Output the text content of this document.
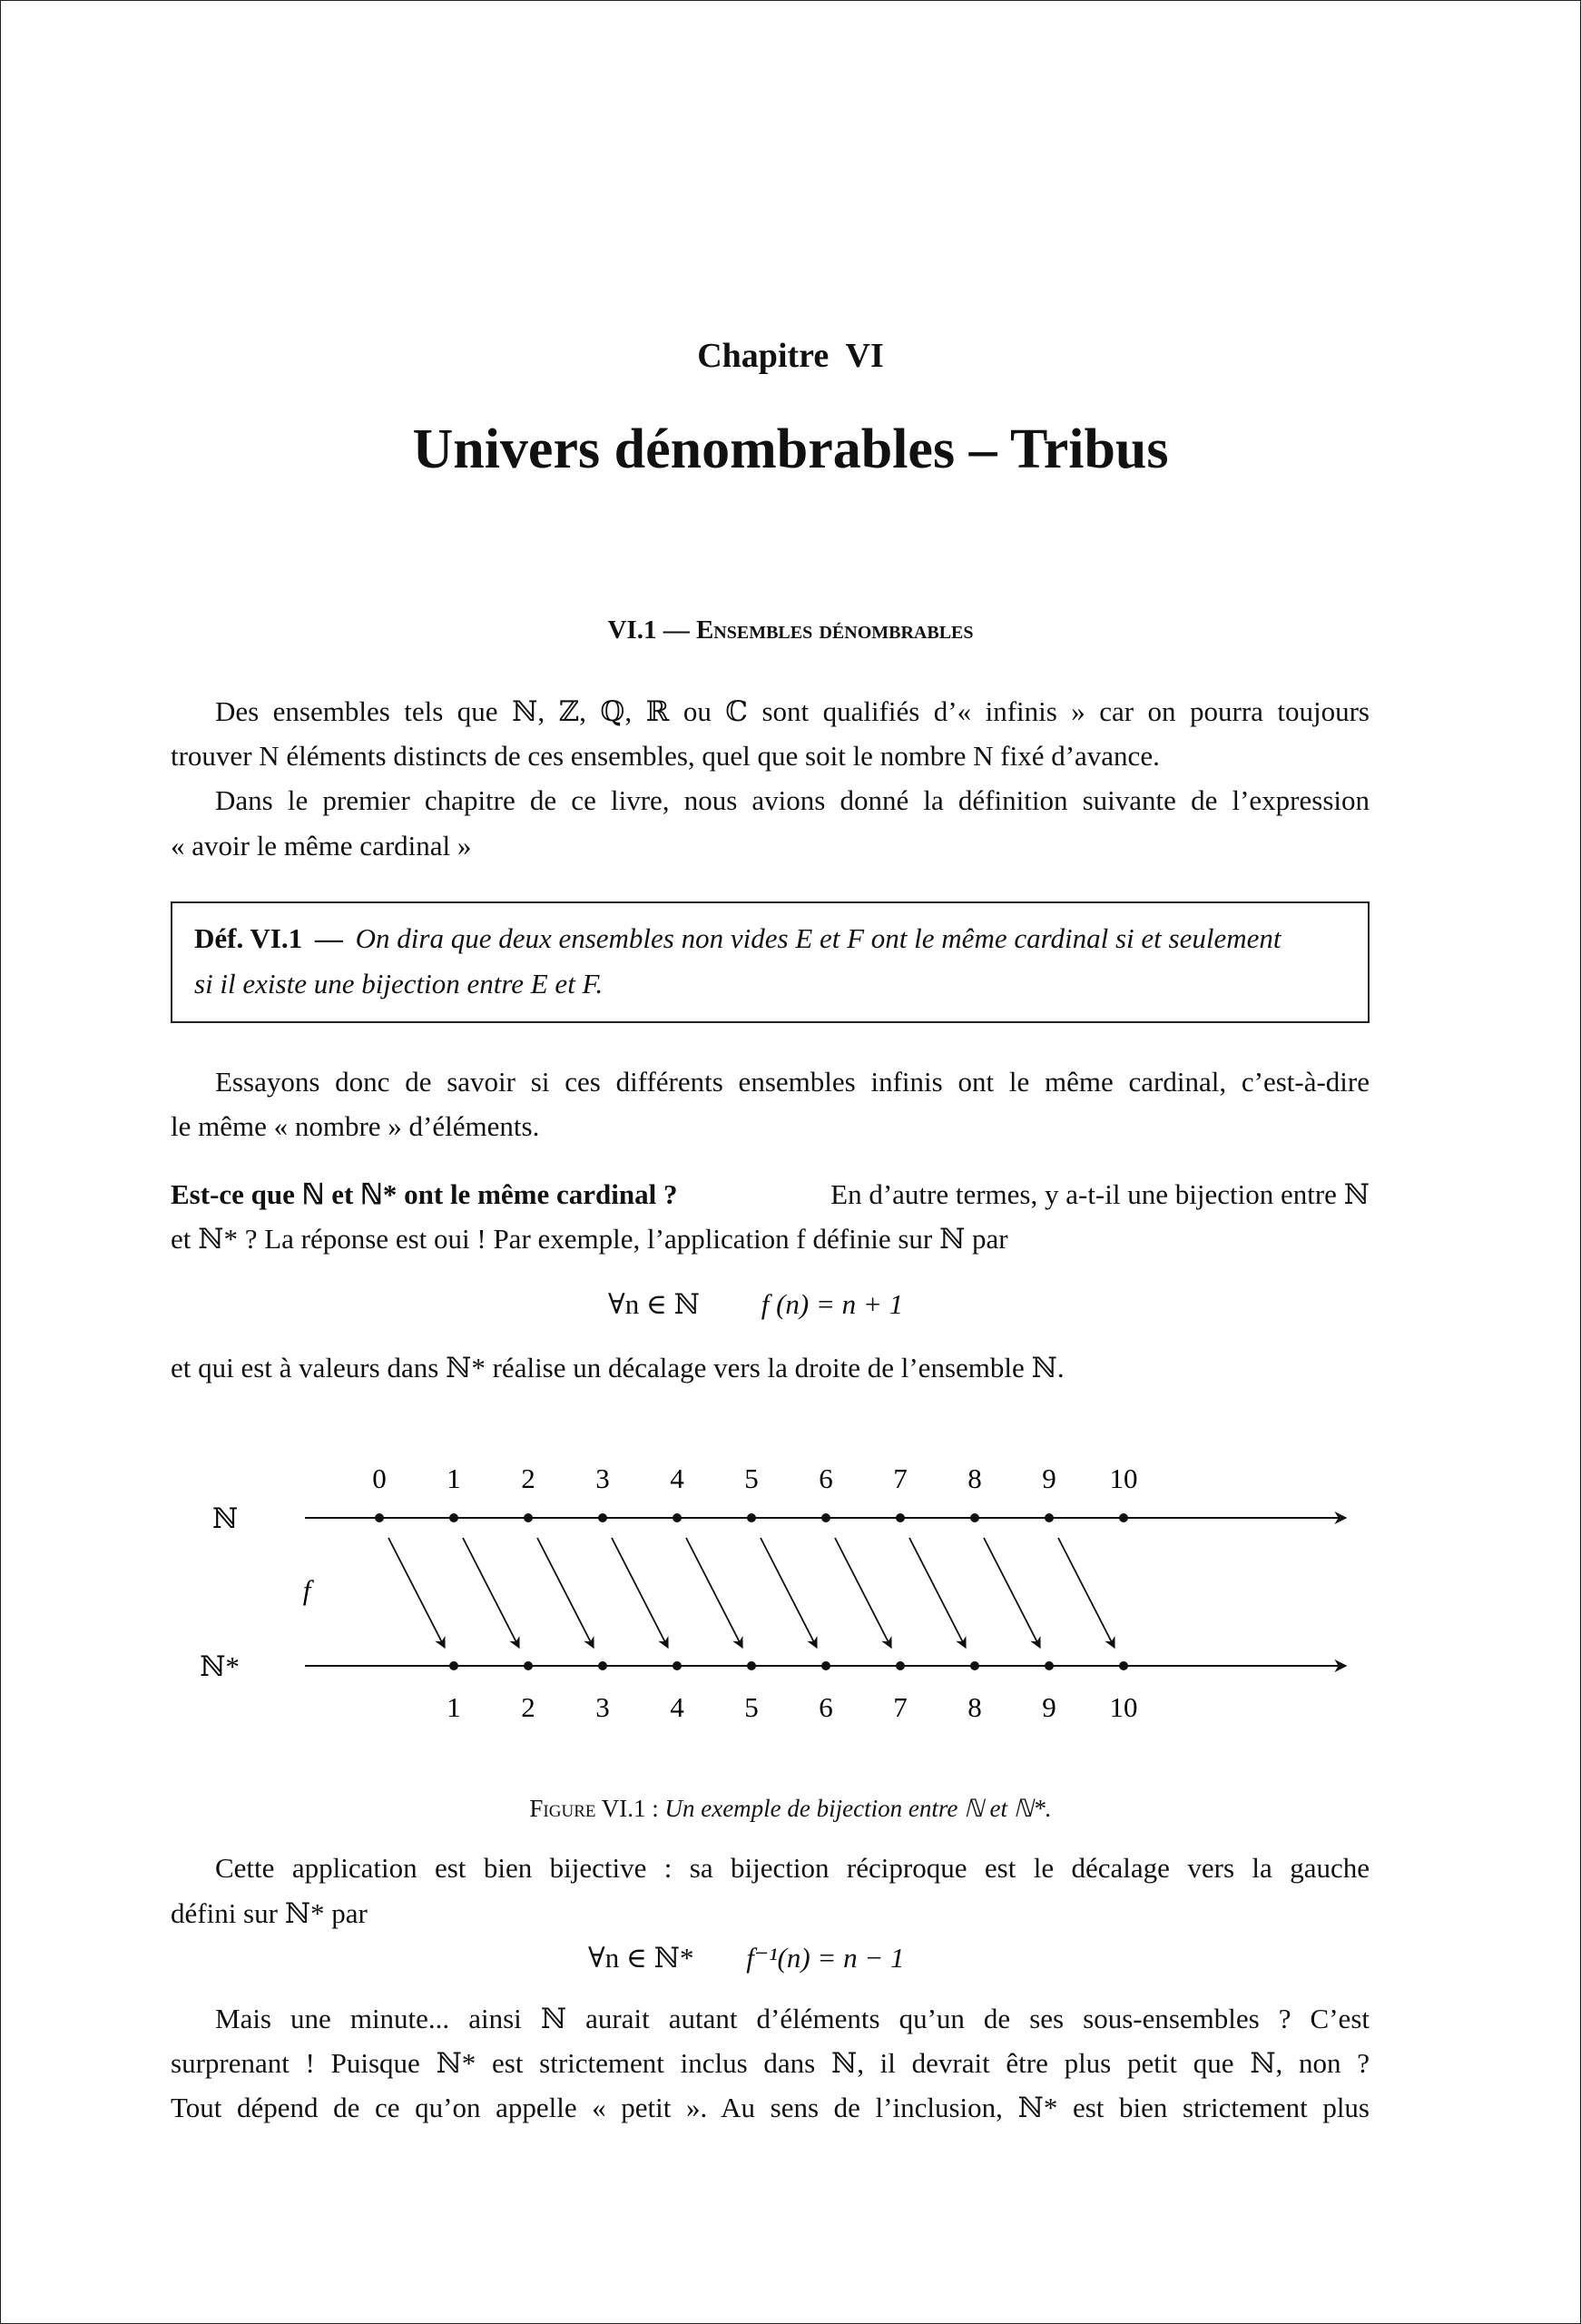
Chapitre  VI
Univers dénombrables – Tribus
VI.1 — Ensembles dénombrables
Des ensembles tels que ℕ, ℤ, ℚ, ℝ ou ℂ sont qualifiés d’« infinis » car on pourra toujours
trouver N éléments distincts de ces ensembles, quel que soit le nombre N fixé d’avance.
Dans le premier chapitre de ce livre, nous avions donné la définition suivante de l’expression
« avoir le même cardinal »
Déf. VI.1 — On dira que deux ensembles non vides E et F ont le même cardinal si et seulement
si il existe une bijection entre E et F.
Essayons donc de savoir si ces différents ensembles infinis ont le même cardinal, c’est-à-dire
le même « nombre » d’éléments.
Est-ce que ℕ et ℕ* ont le même cardinal ?	En d’autre termes, y a-t-il une bijection entre ℕ
et ℕ* ? La réponse est oui ! Par exemple, l’application f définie sur ℕ par
∀n ∈ ℕ f (n) = n + 1
et qui est à valeurs dans ℕ* réalise un décalage vers la droite de l’ensemble ℕ.
ℕ
ℕ*
f
0 1 2 3 4 5 6 7 8 9 10
1 2 3 4 5 6 7 8 9 10
Figure VI.1 : Un exemple de bijection entre ℕ et ℕ*.
Cette application est bien bijective : sa bijection réciproque est le décalage vers la gauche
défini sur ℕ* par
∀n ∈ ℕ* f⁻¹(n) = n − 1
Mais une minute... ainsi ℕ aurait autant d’éléments qu’un de ses sous-ensembles ? C’est
surprenant ! Puisque ℕ* est strictement inclus dans ℕ, il devrait être plus petit que ℕ, non ?
Tout dépend de ce qu’on appelle « petit ». Au sens de l’inclusion, ℕ* est bien strictement plus
